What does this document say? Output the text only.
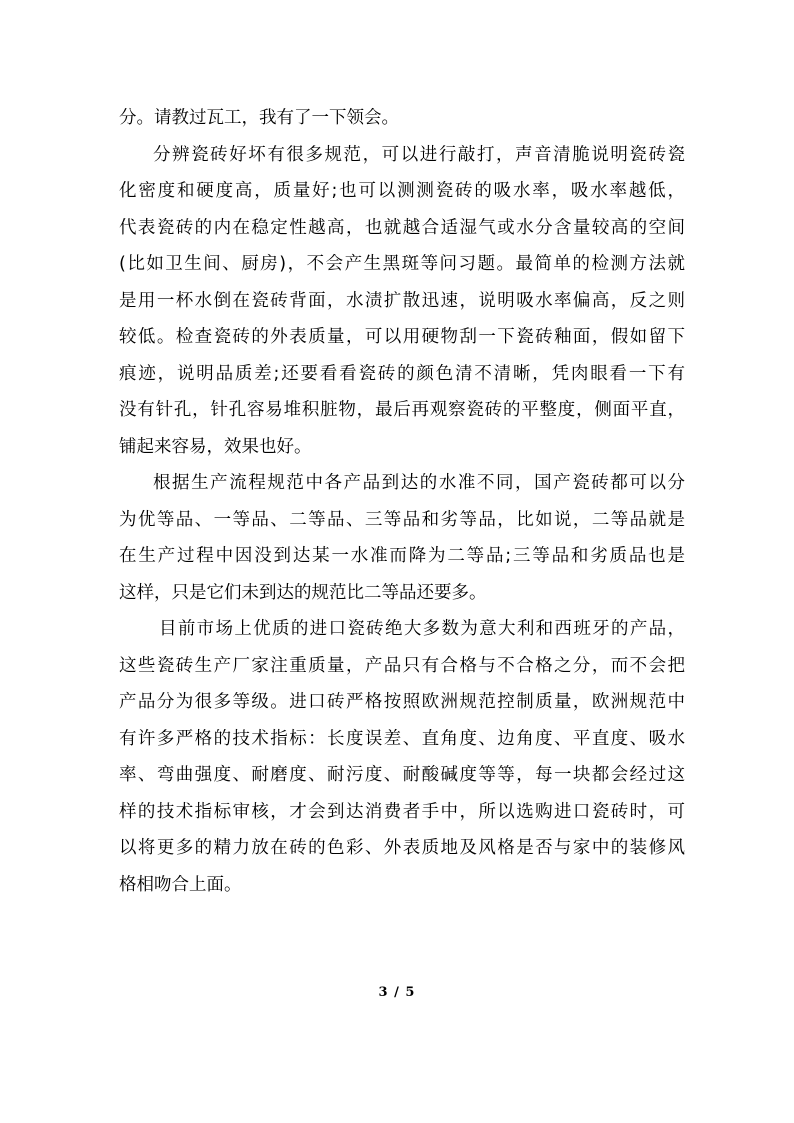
分。请教过瓦工，我有了一下领会。
分辨瓷砖好坏有很多规范，可以进行敲打，声音清脆说明瓷砖瓷
化密度和硬度高，质量好;也可以测测瓷砖的吸水率，吸水率越低，
代表瓷砖的内在稳定性越高，也就越合适湿气或水分含量较高的空间
(比如卫生间、厨房)，不会产生黑斑等问习题。最简单的检测方法就
是用一杯水倒在瓷砖背面，水渍扩散迅速，说明吸水率偏高，反之则
较低。检查瓷砖的外表质量，可以用硬物刮一下瓷砖釉面，假如留下
痕迹，说明品质差;还要看看瓷砖的颜色清不清晰，凭肉眼看一下有
没有针孔，针孔容易堆积脏物，最后再观察瓷砖的平整度，侧面平直，
铺起来容易，效果也好。
根据生产流程规范中各产品到达的水准不同，国产瓷砖都可以分
为优等品、一等品、二等品、三等品和劣等品，比如说，二等品就是
在生产过程中因没到达某一水准而降为二等品;三等品和劣质品也是
这样，只是它们未到达的规范比二等品还要多。
目前市场上优质的进口瓷砖绝大多数为意大利和西班牙的产品，
这些瓷砖生产厂家注重质量，产品只有合格与不合格之分，而不会把
产品分为很多等级。进口砖严格按照欧洲规范控制质量，欧洲规范中
有许多严格的技术指标：长度误差、直角度、边角度、平直度、吸水
率、弯曲强度、耐磨度、耐污度、耐酸碱度等等，每一块都会经过这
样的技术指标审核，才会到达消费者手中，所以选购进口瓷砖时，可
以将更多的精力放在砖的色彩、外表质地及风格是否与家中的装修风
格相吻合上面。
3 / 5
